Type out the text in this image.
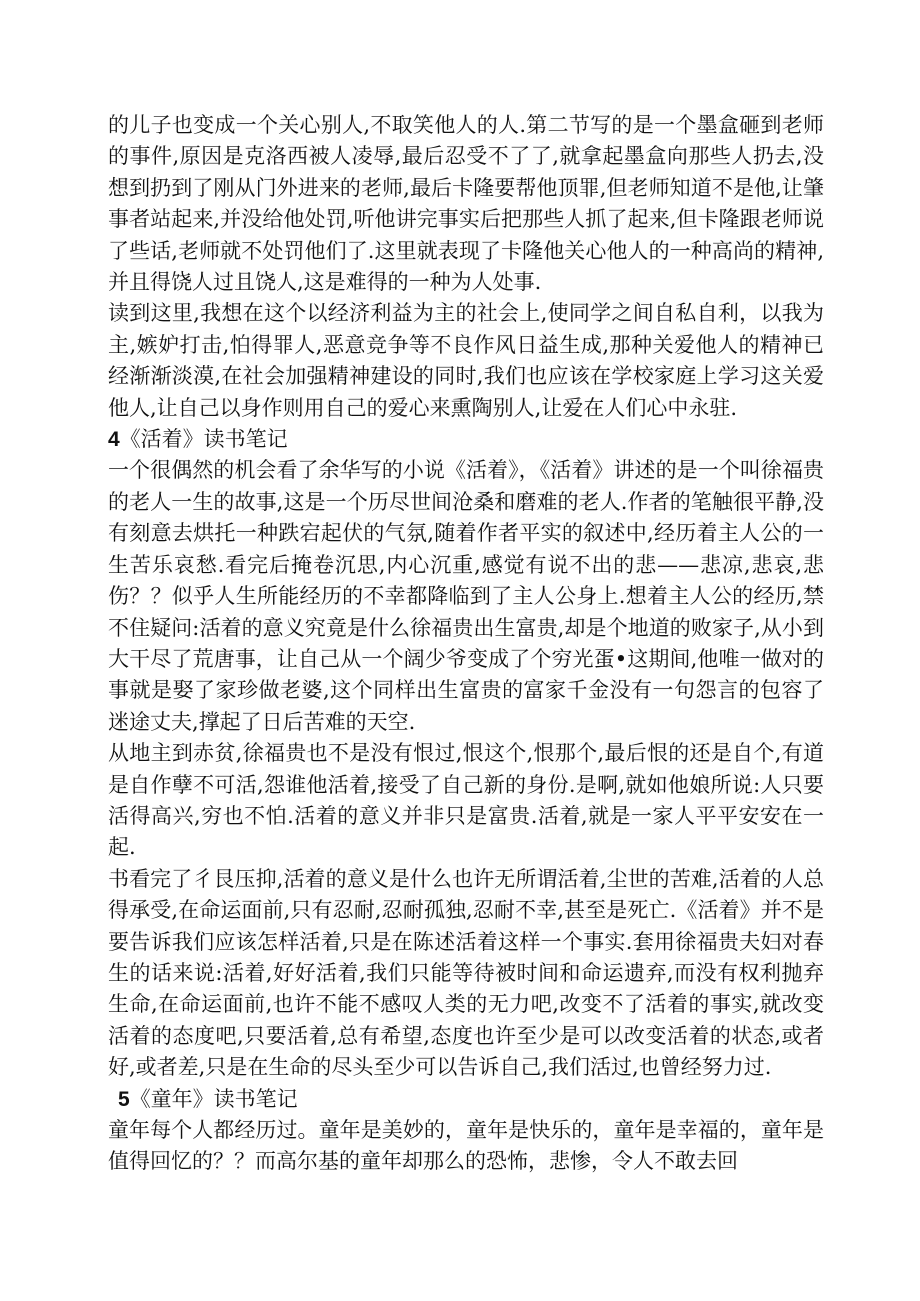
的儿子也变成一个关心别人,不取笑他人的人.第二节写的是一个墨盒砸到老师的事件,原因是克洛西被人凌辱,最后忍受不了了,就拿起墨盒向那些人扔去,没想到扔到了刚从门外进来的老师,最后卡隆要帮他顶罪,但老师知道不是他,让肇事者站起来,并没给他处罚,听他讲完事实后把那些人抓了起来,但卡隆跟老师说了些话,老师就不处罚他们了.这里就表现了卡隆他关心他人的一种高尚的精神,并且得饶人过且饶人,这是难得的一种为人处事.

读到这里,我想在这个以经济利益为主的社会上,使同学之间自私自利，以我为主,嫉妒打击,怕得罪人,恶意竞争等不良作风日益生成,那种关爱他人的精神已经渐渐淡漠,在社会加强精神建设的同时,我们也应该在学校家庭上学习这关爱他人,让自己以身作则用自己的爱心来熏陶别人,让爱在人们心中永驻.

4《活着》读书笔记

一个很偶然的机会看了余华写的小说《活着》，《活着》讲述的是一个叫徐福贵的老人一生的故事,这是一个历尽世间沧桑和磨难的老人.作者的笔触很平静,没有刻意去烘托一种跌宕起伏的气氛,随着作者平实的叙述中,经历着主人公的一生苦乐哀愁.看完后掩卷沉思,内心沉重,感觉有说不出的悲——悲凉,悲哀,悲伤？？似乎人生所能经历的不幸都降临到了主人公身上.想着主人公的经历,禁不住疑问:活着的意义究竟是什么徐福贵出生富贵,却是个地道的败家子,从小到大干尽了荒唐事，让自己从一个阔少爷变成了个穷光蛋•这期间,他唯一做对的事就是娶了家珍做老婆,这个同样出生富贵的富家千金没有一句怨言的包容了迷途丈夫,撑起了日后苦难的天空.

从地主到赤贫,徐福贵也不是没有恨过,恨这个,恨那个,最后恨的还是自个,有道是自作孽不可活,怨谁他活着,接受了自己新的身份.是啊,就如他娘所说:人只要活得高兴,穷也不怕.活着的意义并非只是富贵.活着,就是一家人平平安安在一起.

书看完了彳艮压抑,活着的意义是什么也许无所谓活着,尘世的苦难,活着的人总得承受,在命运面前,只有忍耐,忍耐孤独,忍耐不幸,甚至是死亡.《活着》并不是要告诉我们应该怎样活着,只是在陈述活着这样一个事实.套用徐福贵夫妇对春生的话来说:活着,好好活着,我们只能等待被时间和命运遗弃,而没有权利抛弃生命,在命运面前,也许不能不感叹人类的无力吧,改变不了活着的事实,就改变活着的态度吧,只要活着,总有希望,态度也许至少是可以改变活着的状态,或者好,或者差,只是在生命的尽头至少可以告诉自己,我们活过,也曾经努力过.

5《童年》读书笔记

童年每个人都经历过。童年是美妙的，童年是快乐的，童年是幸福的，童年是值得回忆的？？而高尔基的童年却那么的恐怖，悲惨，令人不敢去回
